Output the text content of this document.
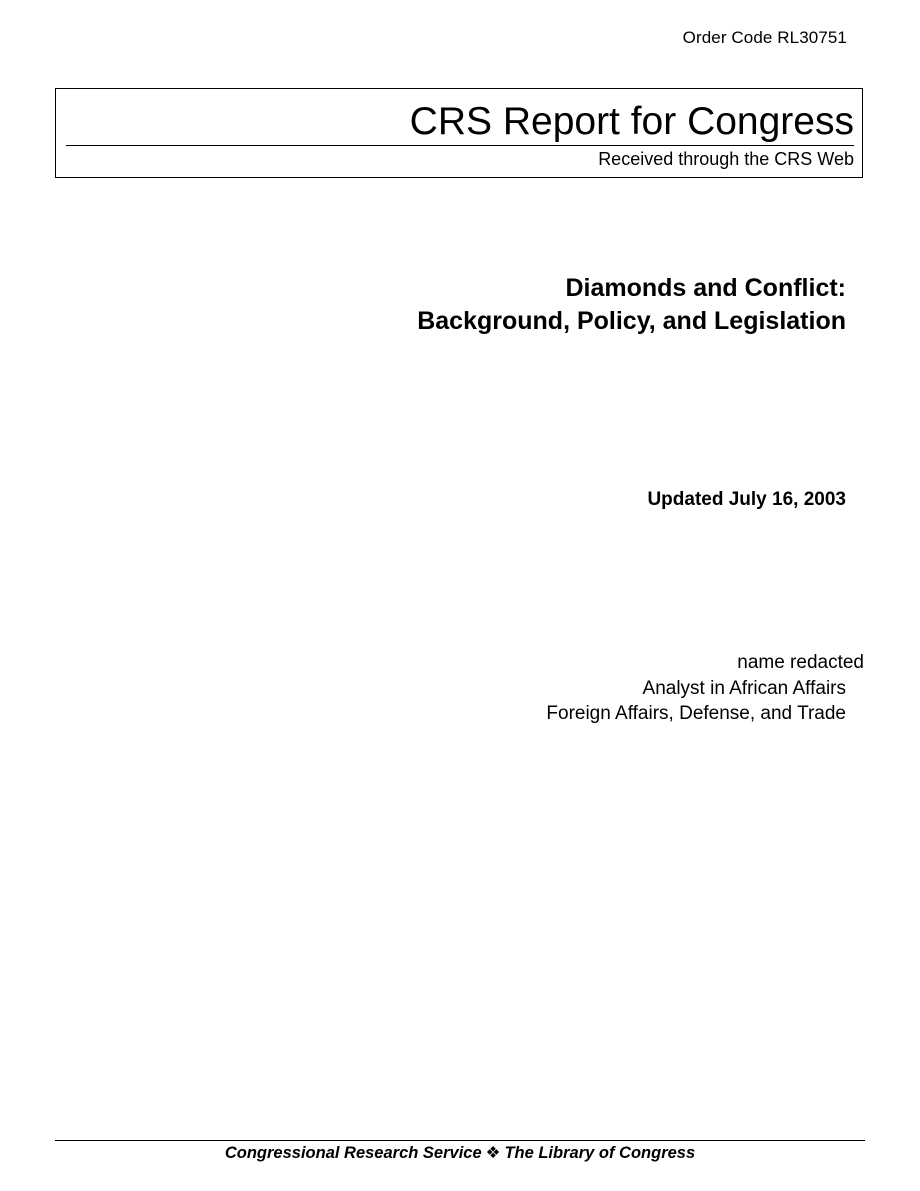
Order Code RL30751
CRS Report for Congress
Received through the CRS Web
Diamonds and Conflict:
Background, Policy, and Legislation
Updated July 16, 2003
name redacted
Analyst in African Affairs
Foreign Affairs, Defense, and Trade
Congressional Research Service ❖ The Library of Congress
